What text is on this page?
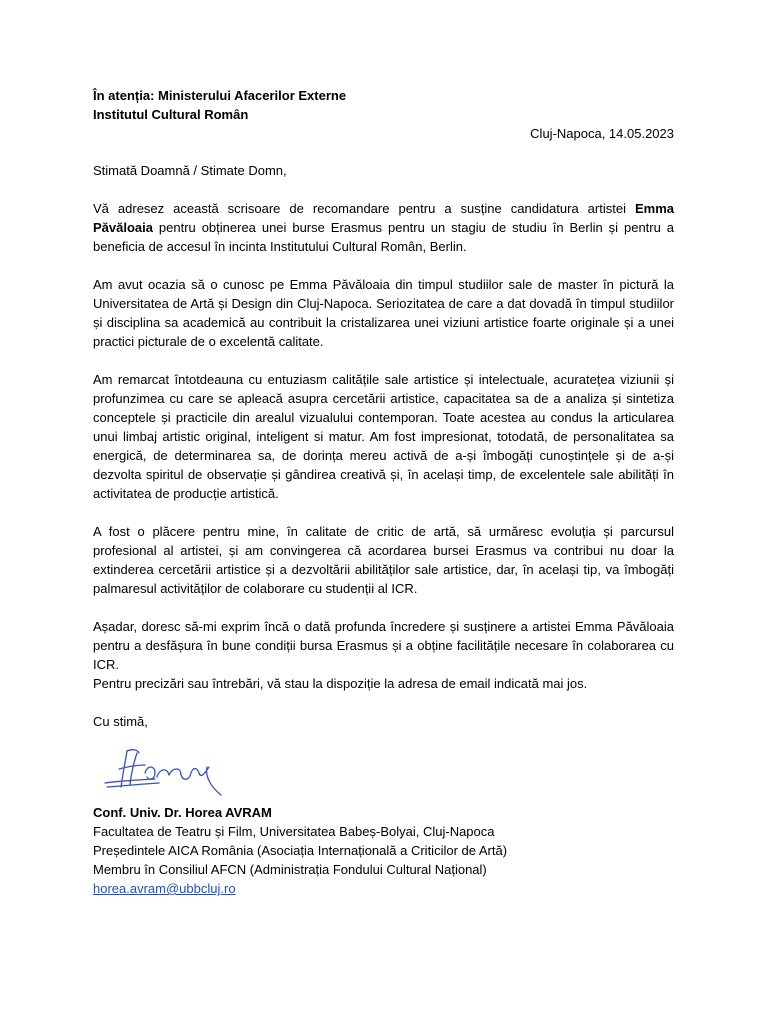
În atenția: Ministerului Afacerilor Externe
Institutul Cultural Român
Cluj-Napoca, 14.05.2023
Stimată Doamnă / Stimate Domn,

Vă adresez această scrisoare de recomandare pentru a susține candidatura artistei Emma Păvăloaia pentru obținerea unei burse Erasmus pentru un stagiu de studiu în Berlin și pentru a beneficia de accesul în incinta Institutului Cultural Român, Berlin.

Am avut ocazia să o cunosc pe Emma Păvăloaia din timpul studiilor sale de master în pictură la Universitatea de Artă și Design din Cluj-Napoca. Seriozitatea de care a dat dovadă în timpul studiilor și disciplina sa academică au contribuit la cristalizarea unei viziuni artistice foarte originale și a unei practici picturale de o excelentă calitate.

Am remarcat întotdeauna cu entuziasm calitățile sale artistice și intelectuale, acuratețea viziunii și profunzimea cu care se apleacă asupra cercetării artistice, capacitatea sa de a analiza și sintetiza conceptele și practicile din arealul vizualului contemporan. Toate acestea au condus la articularea unui limbaj artistic original, inteligent si matur. Am fost impresionat, totodată, de personalitatea sa energică, de determinarea sa, de dorința mereu activă de a-și îmbogăți cunoștințele și de a-și dezvolta spiritul de observație și gândirea creativă și, în același timp, de excelentele sale abilități în activitatea de producție artistică.

A fost o plăcere pentru mine, în calitate de critic de artă, să urmăresc evoluția și parcursul profesional al artistei, și am convingerea că acordarea bursei Erasmus va contribui nu doar la extinderea cercetării artistice și a dezvoltării abilităților sale artistice, dar, în același tip, va îmbogăți palmaresul activităților de colaborare cu studenții al ICR.

Așadar, doresc să-mi exprim încă o dată profunda încredere și susținere a artistei Emma Păvăloaia pentru a desfășura în bune condiții bursa Erasmus și a obține facilitățile necesare în colaborarea cu ICR.

Pentru precizări sau întrebări, vă stau la dispoziție la adresa de email indicată mai jos.

Cu stimă,
Conf. Univ. Dr. Horea AVRAM
Facultatea de Teatru și Film, Universitatea Babeș-Bolyai, Cluj-Napoca
Președintele AICA România (Asociația Internațională a Criticilor de Artă)
Membru în Consiliul AFCN (Administrația Fondului Cultural Național)
horea.avram@ubbcluj.ro
